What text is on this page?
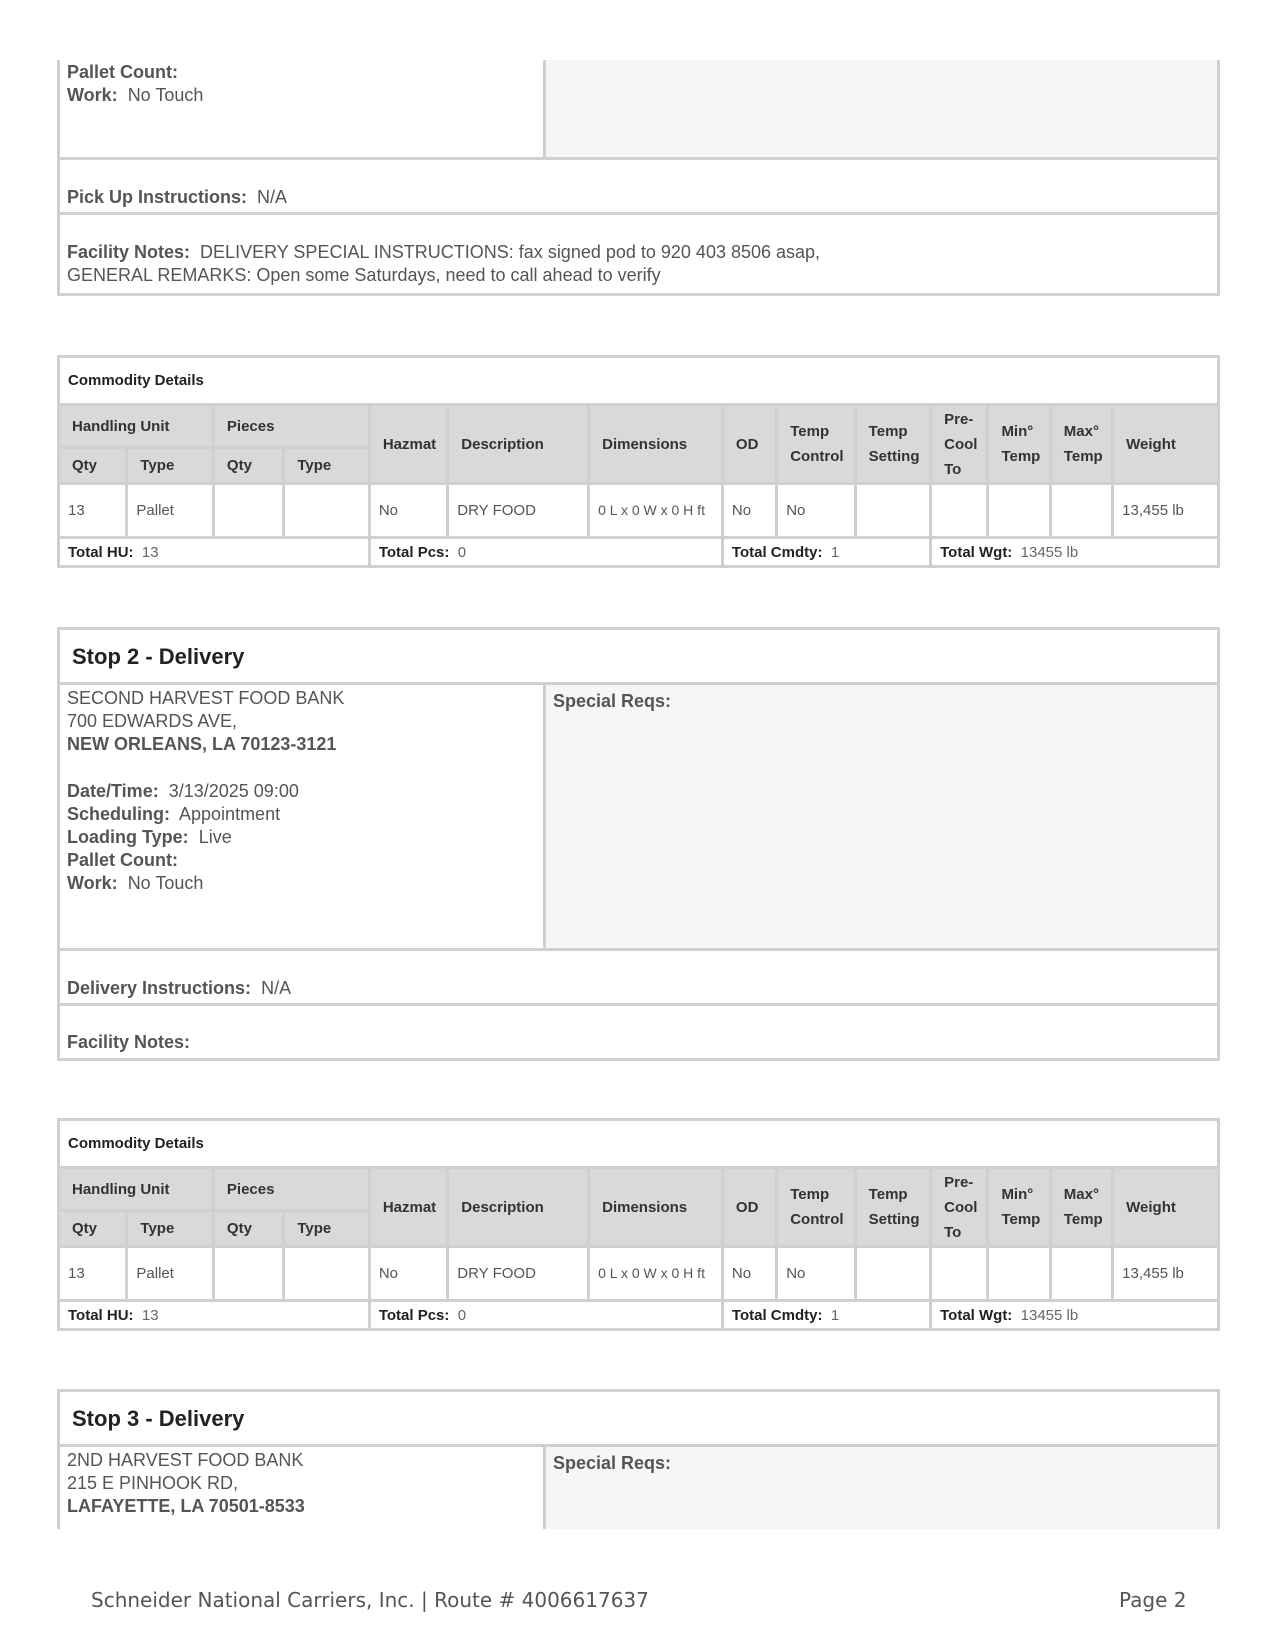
Pallet Count:
Work: No Touch
Pick Up Instructions: N/A
Facility Notes: DELIVERY SPECIAL INSTRUCTIONS: fax signed pod to 920 403 8506 asap,
GENERAL REMARKS: Open some Saturdays, need to call ahead to verify
Commodity Details													
Handling Unit		Pieces		Hazmat	Description	Dimensions	OD	Temp Control	Temp Setting	Pre-Cool To	Min° Temp	Max° Temp	Weight
Qty	Type	Qty	Type										
13	Pallet			No	DRY FOOD	0 L x 0 W x 0 H ft	No	No					13,455 lb
Total HU: 13				Total Pcs: 0			Total Cmdty: 1			Total Wgt: 13455 lb			
Stop 2 - Delivery
SECOND HARVEST FOOD BANK
700 EDWARDS AVE,
NEW ORLEANS, LA 70123-3121
Date/Time: 3/13/2025 09:00
Scheduling: Appointment
Loading Type: Live
Pallet Count:
Work: No Touch
Special Reqs:
Delivery Instructions: N/A
Facility Notes:
Commodity Details													
Handling Unit		Pieces		Hazmat	Description	Dimensions	OD	Temp Control	Temp Setting	Pre-Cool To	Min° Temp	Max° Temp	Weight
Qty	Type	Qty	Type										
13	Pallet			No	DRY FOOD	0 L x 0 W x 0 H ft	No	No					13,455 lb
Total HU: 13				Total Pcs: 0			Total Cmdty: 1			Total Wgt: 13455 lb			
Stop 3 - Delivery
2ND HARVEST FOOD BANK
215 E PINHOOK RD,
LAFAYETTE, LA 70501-8533
Special Reqs:
Schneider National Carriers, Inc. | Route # 4006617637	Page 2
